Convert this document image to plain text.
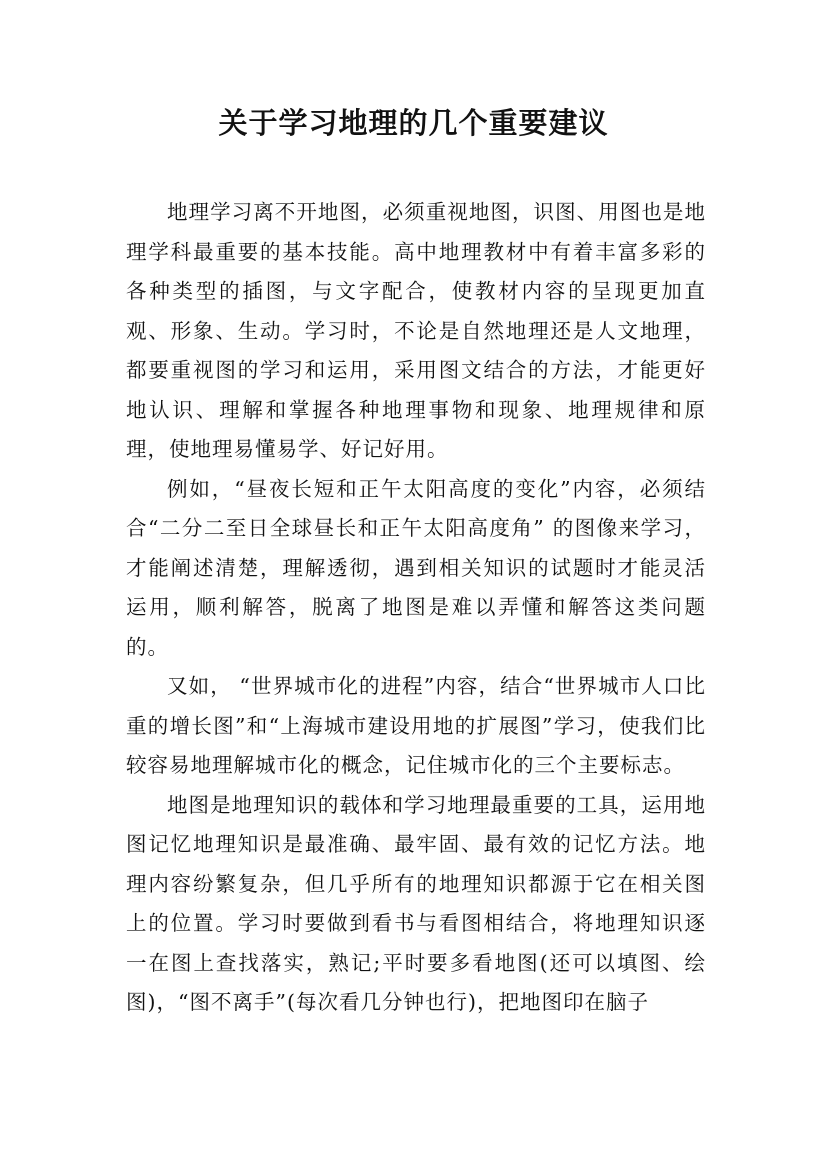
关于学习地理的几个重要建议

地理学习离不开地图，必须重视地图，识图、用图也是地理学科最重要的基本技能。高中地理教材中有着丰富多彩的各种类型的插图，与文字配合，使教材内容的呈现更加直观、形象、生动。学习时，不论是自然地理还是人文地理，都要重视图的学习和运用，采用图文结合的方法，才能更好地认识、理解和掌握各种地理事物和现象、地理规律和原理，使地理易懂易学、好记好用。

例如，“昼夜长短和正午太阳高度的变化”内容，必须结合“二分二至日全球昼长和正午太阳高度角” 的图像来学习，才能阐述清楚，理解透彻，遇到相关知识的试题时才能灵活运用，顺利解答，脱离了地图是难以弄懂和解答这类问题的。

又如， “世界城市化的进程”内容，结合“世界城市人口比重的增长图”和“上海城市建设用地的扩展图”学习，使我们比较容易地理解城市化的概念，记住城市化的三个主要标志。

地图是地理知识的载体和学习地理最重要的工具，运用地图记忆地理知识是最准确、最牢固、最有效的记忆方法。地理内容纷繁复杂，但几乎所有的地理知识都源于它在相关图上的位置。学习时要做到看书与看图相结合，将地理知识逐一在图上查找落实，熟记;平时要多看地图(还可以填图、绘图)，“图不离手”(每次看几分钟也行)，把地图印在脑子
